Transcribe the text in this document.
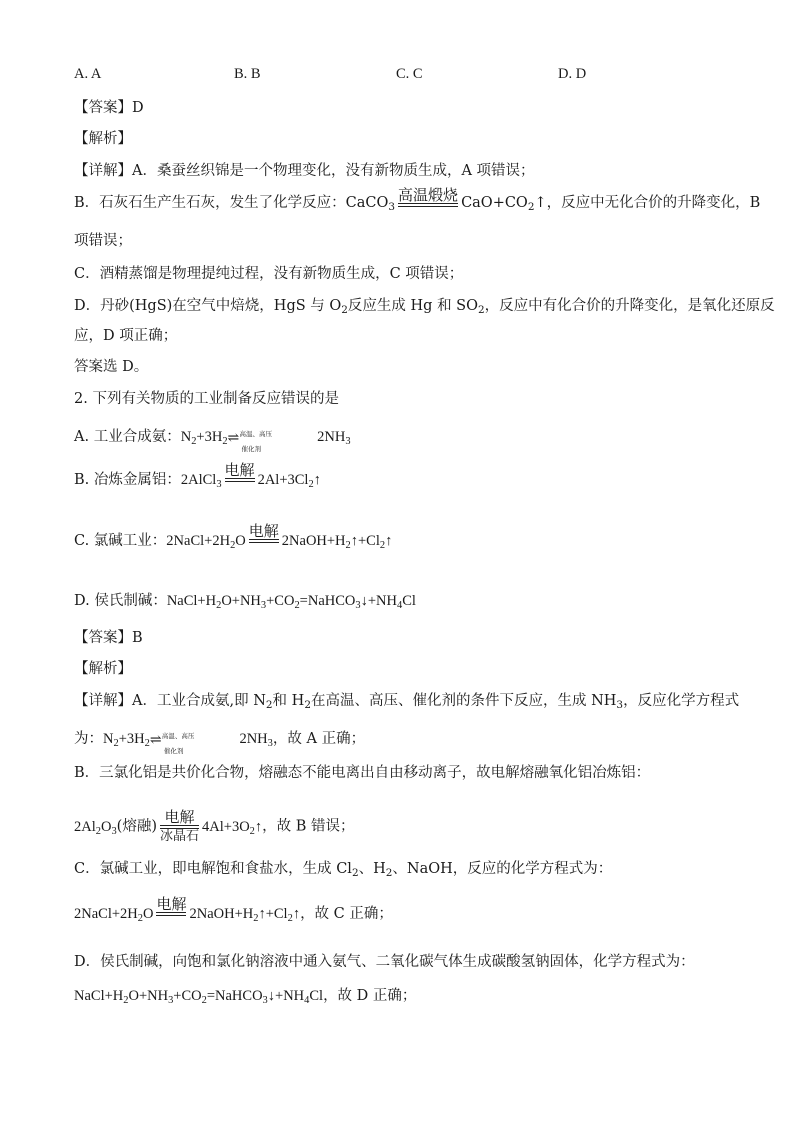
A. A	B. B	C. C	D. D
【答案】D
【解析】
【详解】A．桑蚕丝织锦是一个物理变化，没有新物质生成，A 项错误；
B．石灰石生产生石灰，发生了化学反应：CaCO$_3$
高温煅烧 $CaO+CO_2↑$，反应中无化合价的升降变化，B
项错误；
C．酒精蒸馏是物理提纯过程，没有新物质生成，C 项错误；
D．丹砂(HgS)在空气中焙烧，HgS 与 $O_2$反应生成 Hg 和 $SO_2$，反应中有化合价的升降变化，是氧化还原反
应，D 项正确；
答案选 D。
2. 下列有关物质的工业制备反应错误的是
A. 工业合成氨：$N_2+3H_2$ ⇌ 高温、高压
催化剂
$2NH_3$
B. 冶炼金属铝：2AlCl$_3$
电解
$2Al+3Cl_2↑$
C. 氯碱工业：$2NaCl+2H_2O$
电解
$2NaOH+H_2↑+Cl_2↑$
D. 侯氏制碱：$NaCl+H_2O+NH_3+CO_2=NaHCO_3↓+NH_4Cl$
【答案】B
【解析】
【详解】A．工业合成氨,即 $N_2$和 $H_2$在高温、高压、催化剂的条件下反应，生成 $NH_3$，反应化学方程式
为：$N_2+3H_2$ ⇌ 高温、高压
催化剂
$2NH_3$，故 A 正确；
B．三氯化铝是共价化合物，熔融态不能电离出自由移动离子，故电解熔融氧化铝冶炼铝：
$2Al_2O_3$(熔融)
电解
冰晶石
$4Al+3O_2↑$，故 B 错误；
C．氯碱工业，即电解饱和食盐水，生成 $Cl_2$、$H_2$、NaOH，反应的化学方程式为：
$2NaCl+2H_2O$
电解
$2NaOH+H_2↑+Cl_2↑$，故 C 正确；
D．侯氏制碱，向饱和氯化钠溶液中通入氨气、二氧化碳气体生成碳酸氢钠固体，化学方程式为：
$NaCl+H_2O+NH_3+CO_2=NaHCO_3↓+NH_4Cl$，故 D 正确；
